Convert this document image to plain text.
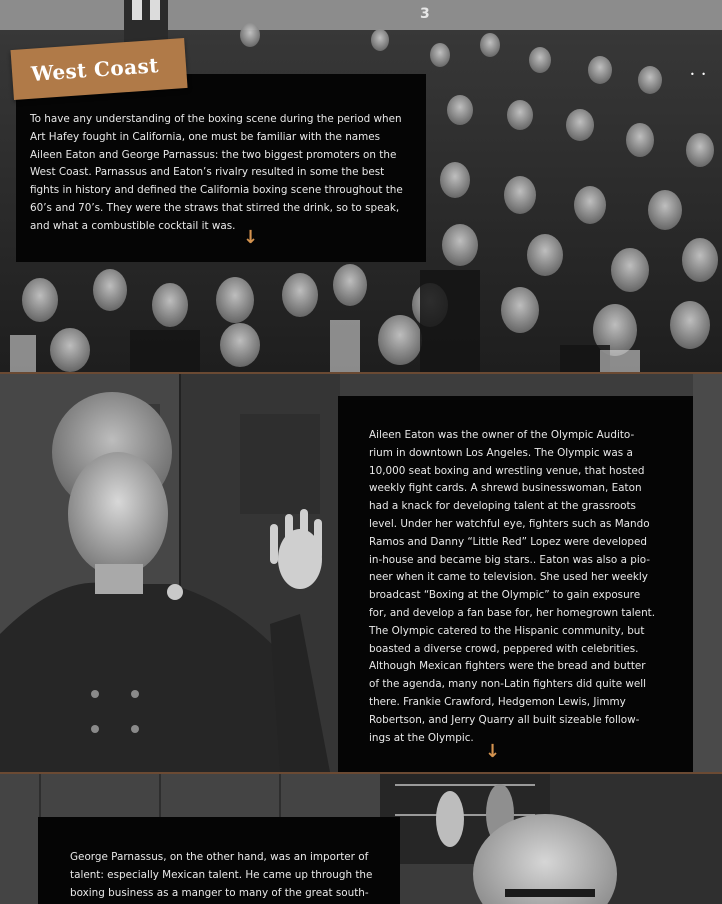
3
• •

To have any understanding of the boxing scene during the period when
Art Hafey fought in California, one must be familiar with the names
Aileen Eaton and George Parnassus: the two biggest promoters on the
West Coast. Parnassus and Eaton’s rivalry resulted in some the best
fights in history and defined the California boxing scene throughout the
60’s and 70’s. They were the straws that stirred the drink, so to speak,
and what a combustible cocktail it was.

↓
West Coast

Aileen Eaton was the owner of the Olympic Audito-
rium in downtown Los Angeles. The Olympic was a
10,000 seat boxing and wrestling venue, that hosted
weekly fight cards. A shrewd businesswoman, Eaton
had a knack for developing talent at the grassroots
level. Under her watchful eye, fighters such as Mando
Ramos and Danny “Little Red” Lopez were developed
in-house and became big stars.. Eaton was also a pio-
neer when it came to television. She used her weekly
broadcast “Boxing at the Olympic” to gain exposure
for, and develop a fan base for, her homegrown talent.
The Olympic catered to the Hispanic community, but
boasted a diverse crowd, peppered with celebrities.
Although Mexican fighters were the bread and butter
of the agenda, many non-Latin fighters did quite well
there. Frankie Crawford, Hedgemon Lewis, Jimmy
Robertson, and Jerry Quarry all built sizeable follow-
ings at the Olympic.

↓

George Parnassus, on the other hand, was an importer of
talent: especially Mexican talent. He came up through the
boxing business as a manger to many of the great south-
